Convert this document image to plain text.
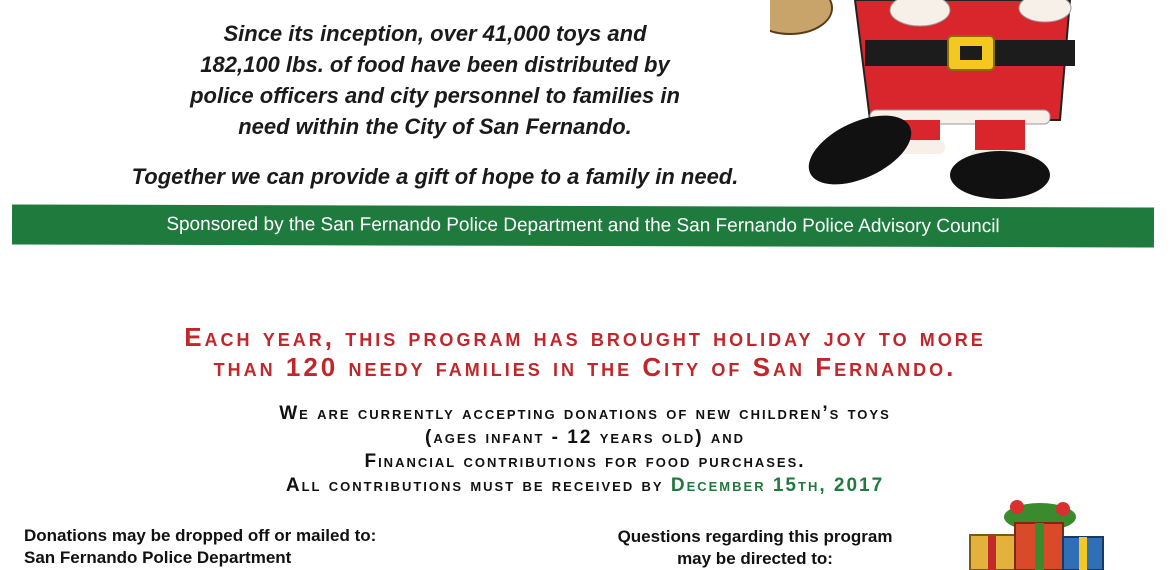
Since its inception, over 41,000 toys and
182,100 lbs. of food have been distributed by
police officers and city personnel to families in
need within the City of San Fernando.
Together we can provide a gift of hope to a family in need.
Sponsored by the San Fernando Police Department and the San Fernando Police Advisory Council
Each year, this program has brought holiday joy to more
than 120 needy families in the City of San Fernando.
We are currently accepting donations of new children’s toys
(ages infant - 12 years old) and
Financial contributions for food purchases.
All contributions must be received by December 15th, 2017
Donations may be dropped off or mailed to:
San Fernando Police Department
Questions regarding this program
may be directed to:
